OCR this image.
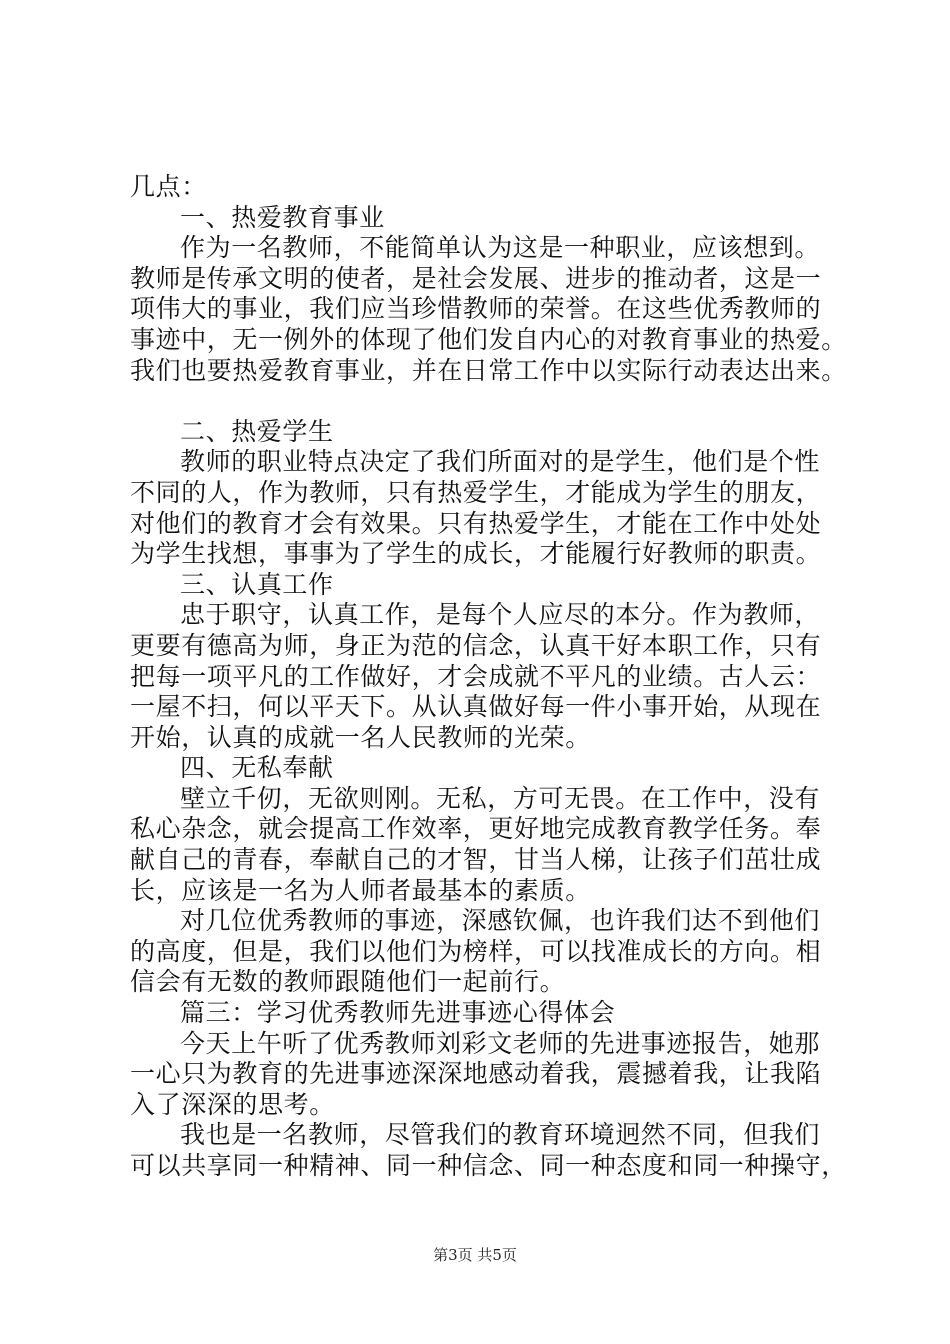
几点：
一、热爱教育事业
作为一名教师，不能简单认为这是一种职业，应该想到。
教师是传承文明的使者，是社会发展、进步的推动者，这是一
项伟大的事业，我们应当珍惜教师的荣誉。在这些优秀教师的
事迹中，无一例外的体现了他们发自内心的对教育事业的热爱。
我们也要热爱教育事业，并在日常工作中以实际行动表达出来。
二、热爱学生
教师的职业特点决定了我们所面对的是学生，他们是个性
不同的人，作为教师，只有热爱学生，才能成为学生的朋友，
对他们的教育才会有效果。只有热爱学生，才能在工作中处处
为学生找想，事事为了学生的成长，才能履行好教师的职责。
三、认真工作
忠于职守，认真工作，是每个人应尽的本分。作为教师，
更要有德高为师，身正为范的信念，认真干好本职工作，只有
把每一项平凡的工作做好，才会成就不平凡的业绩。古人云：
一屋不扫，何以平天下。从认真做好每一件小事开始，从现在
开始，认真的成就一名人民教师的光荣。
四、无私奉献
壁立千仞，无欲则刚。无私，方可无畏。在工作中，没有
私心杂念，就会提高工作效率，更好地完成教育教学任务。奉
献自己的青春，奉献自己的才智，甘当人梯，让孩子们茁壮成
长，应该是一名为人师者最基本的素质。
对几位优秀教师的事迹，深感钦佩，也许我们达不到他们
的高度，但是，我们以他们为榜样，可以找准成长的方向。相
信会有无数的教师跟随他们一起前行。
篇三：学习优秀教师先进事迹心得体会
今天上午听了优秀教师刘彩文老师的先进事迹报告，她那
一心只为教育的先进事迹深深地感动着我，震撼着我，让我陷
入了深深的思考。
我也是一名教师，尽管我们的教育环境迥然不同，但我们
可以共享同一种精神、同一种信念、同一种态度和同一种操守，
第3页 共5页
